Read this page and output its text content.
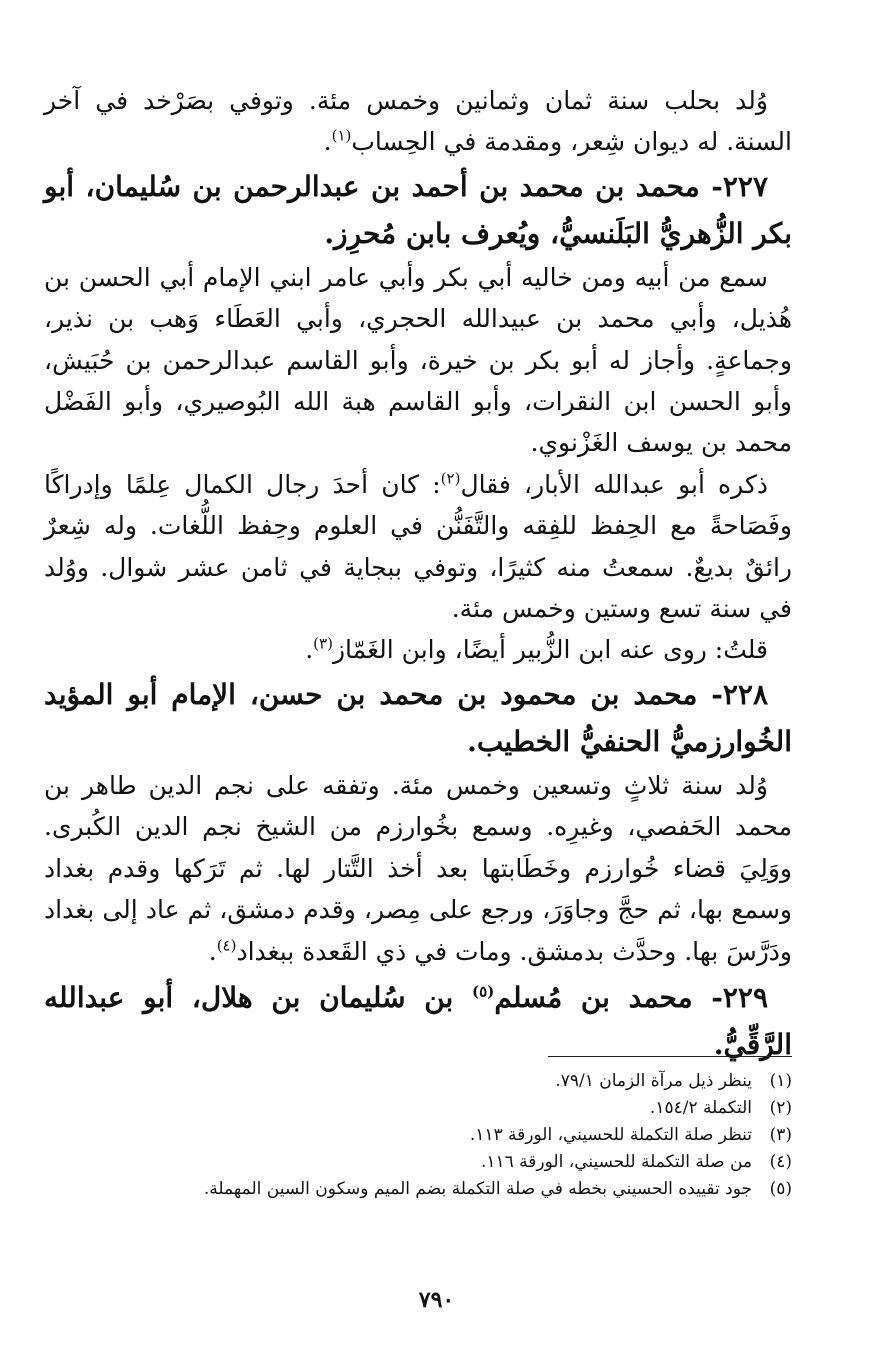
وُلد بحلب سنة ثمان وثمانين وخمس مئة. وتوفي بصَرْخد في آخر السنة. له ديوان شِعر، ومقدمة في الحِساب$^{(١)}$.

٢٢٧- محمد بن محمد بن أحمد بن عبدالرحمن بن سُليمان، أبو بكر الزُّهريُّ البَلَنسيُّ، ويُعرف بابن مُحرِز.

سمع من أبيه ومن خاليه أبي بكر وأبي عامر ابني الإمام أبي الحسن بن هُذيل، وأبي محمد بن عبيدالله الحجري، وأبي العَطَاء وَهب بن نذير، وجماعةٍ. وأجاز له أبو بكر بن خيرة، وأبو القاسم عبدالرحمن بن حُبَيش، وأبو الحسن ابن النقرات، وأبو القاسم هبة الله البُوصيري، وأبو الفَضْل محمد بن يوسف الغَزْنوي.

ذكره أبو عبدالله الأبار، فقال$^{(٢)}$: كان أحدَ رجال الكمال عِلمًا وإدراكًا وفَصَاحةً مع الحِفظ للفِقه والتَّفَنُّن في العلوم وحِفظ اللُّغات. وله شِعرٌ رائقٌ بديعٌ. سمعتُ منه كثيرًا، وتوفي ببجاية في ثامن عشر شوال. ووُلد في سنة تسع وستين وخمس مئة.

قلتُ: روى عنه ابن الزُّبير أيضًا، وابن الغَمّاز$^{(٣)}$.

٢٢٨- محمد بن محمود بن محمد بن حسن، الإمام أبو المؤيد الخُوارزميُّ الحنفيُّ الخطيب.

وُلد سنة ثلاثٍ وتسعين وخمس مئة. وتفقه على نجم الدين طاهر بن محمد الحَفصي، وغيرِه. وسمع بخُوارزم من الشيخ نجم الدين الكُبرى. ووَلِيَ قضاء خُوارزم وخَطَابتها بعد أخذ التَّتار لها. ثم تَرَكها وقدم بغداد وسمع بها، ثم حجَّ وجاوَرَ، ورجع على مِصر، وقدم دمشق، ثم عاد إلى بغداد ودَرَّسَ بها. وحدَّث بدمشق. ومات في ذي القَعدة ببغداد$^{(٤)}$.

٢٢٩- محمد بن مُسلم$^{(٥)}$ بن سُليمان بن هلال، أبو عبدالله الرَّقِّيُّ.

(١)
ينظر ذيل مرآة الزمان ٧٩/١.
(٢)
التكملة ١٥٤/٢.
(٣)
تنظر صلة التكملة للحسيني، الورقة ١١٣.
(٤)
من صلة التكملة للحسيني، الورقة ١١٦.
(٥)
جود تقييده الحسيني بخطه في صلة التكملة بضم الميم وسكون السين المهملة.
٧٩٠
